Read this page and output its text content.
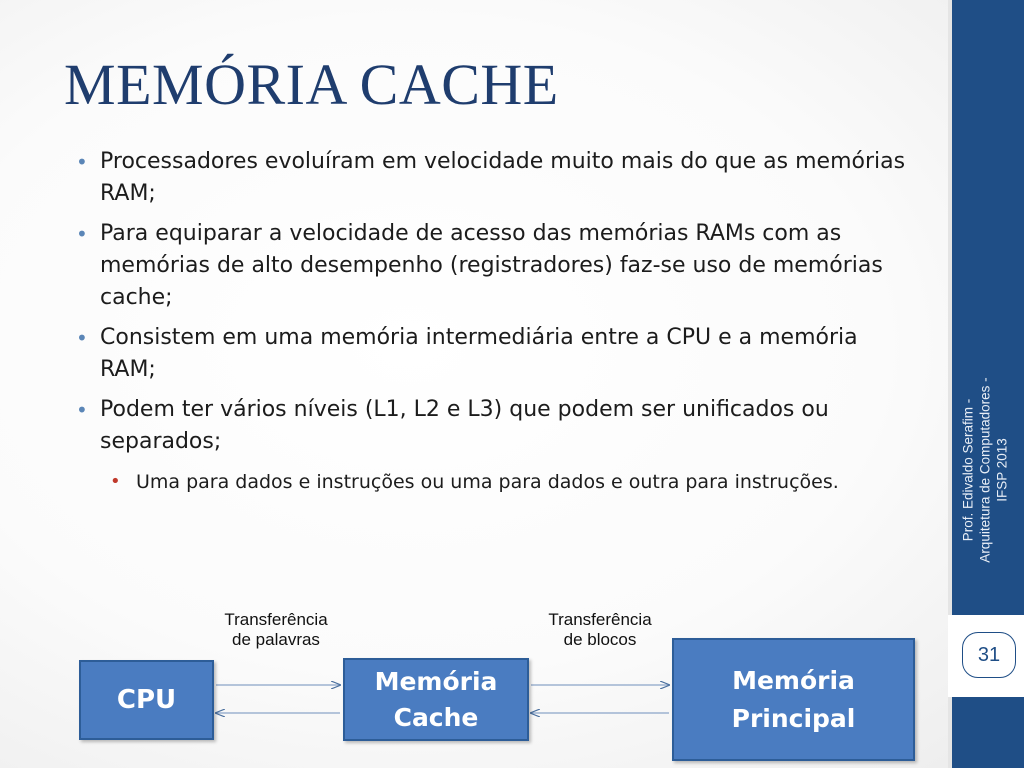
MEMÓRIA CACHE
• Processadores evoluíram em velocidade muito mais do que as memórias RAM;
• Para equiparar a velocidade de acesso das memórias RAMs com as memórias de alto desempenho (registradores) faz-se uso de memórias cache;
• Consistem em uma memória intermediária entre a CPU e a memória RAM;
• Podem ter vários níveis (L1, L2 e L3) que podem ser unificados ou separados;
• Uma para dados e instruções ou uma para dados e outra para instruções.	Prof. Edivaldo Serafim - Arquitetura de Computadores - IFSP 2013
31
Transferência
de palavras
Transferência
de blocos
CPU
Memória
Cache
Memória
Principal
